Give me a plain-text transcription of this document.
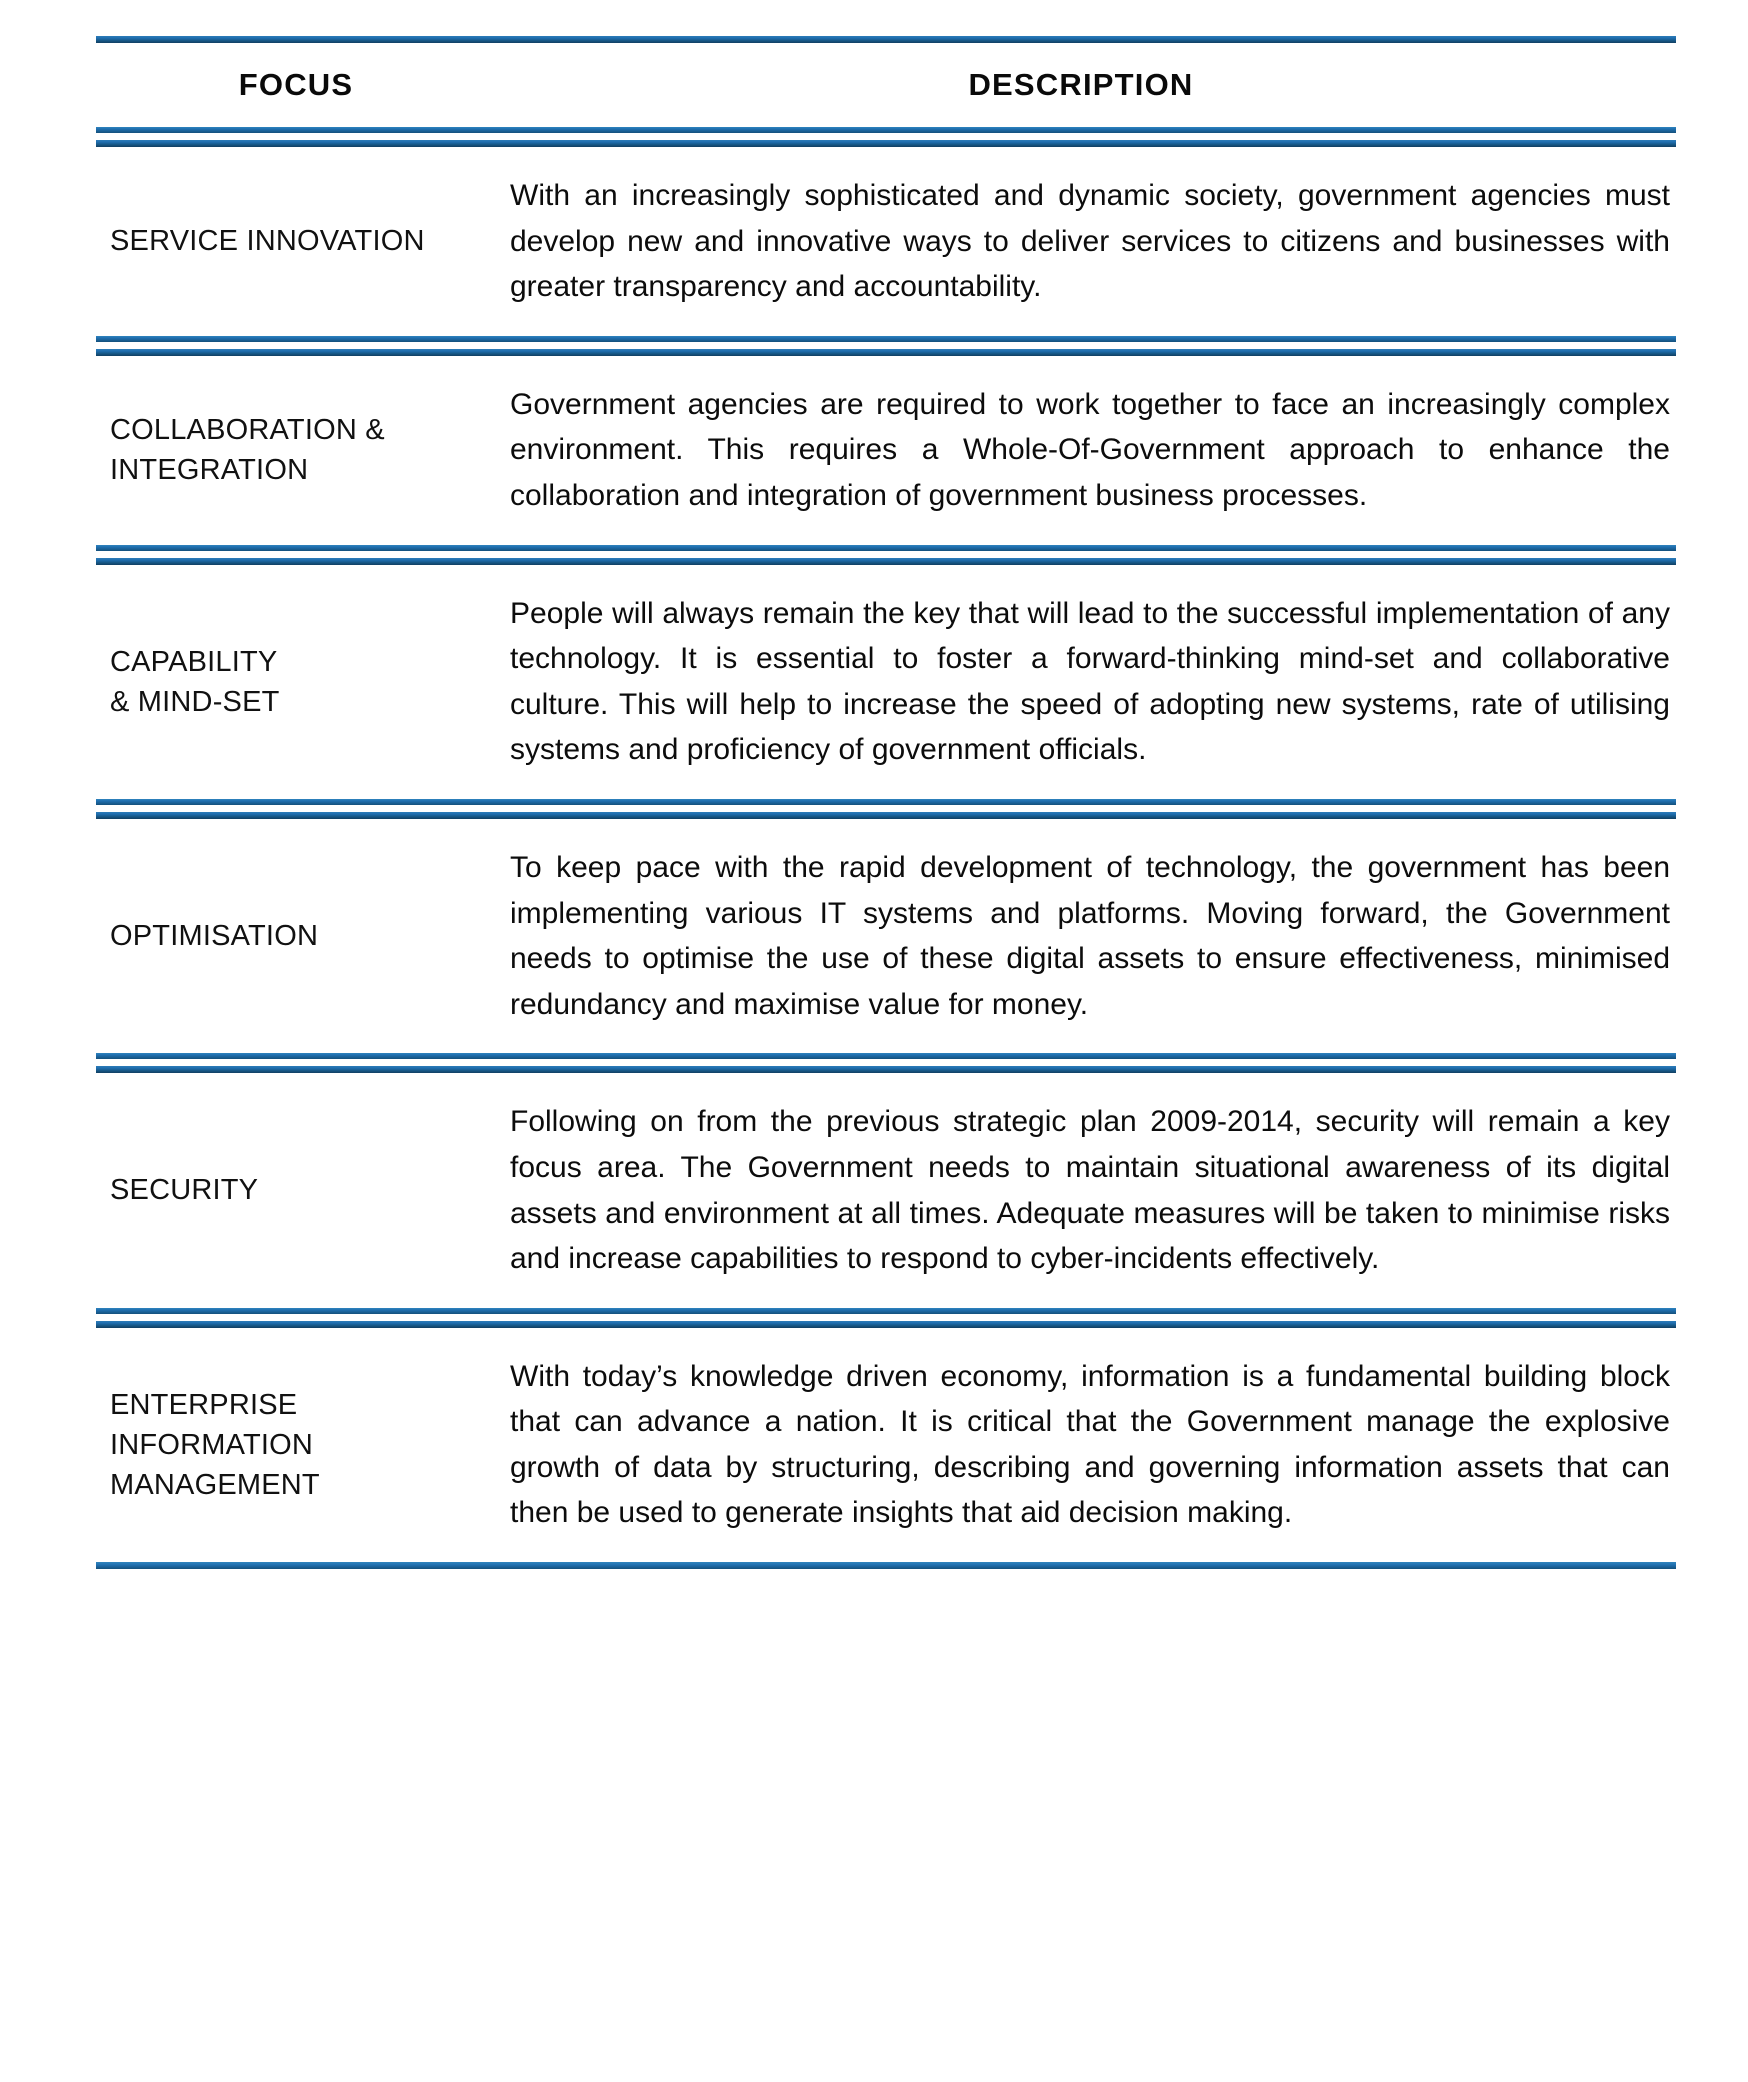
FOCUS	DESCRIPTION
SERVICE INNOVATION

With an increasingly sophisticated and dynamic society, government agencies must develop new and innovative ways to deliver services to citizens and businesses with greater transparency and accountability.

COLLABORATION &
INTEGRATION

Government agencies are required to work together to face an increasingly complex environment. This requires a Whole-Of-Government approach to enhance the collaboration and integration of government business processes.

CAPABILITY
& MIND-SET

People will always remain the key that will lead to the successful implementation of any technology. It is essential to foster a forward-thinking mind-set and collaborative culture. This will help to increase the speed of adopting new systems, rate of utilising systems and proficiency of government officials.

OPTIMISATION

To keep pace with the rapid development of technology, the government has been implementing various IT systems and platforms. Moving forward, the Government needs to optimise the use of these digital assets to ensure effectiveness, minimised redundancy and maximise value for money.

SECURITY

Following on from the previous strategic plan 2009-2014, security will remain a key focus area. The Government needs to maintain situational awareness of its digital assets and environment at all times. Adequate measures will be taken to minimise risks and increase capabilities to respond to cyber-incidents effectively.

ENTERPRISE
INFORMATION
MANAGEMENT

With today’s knowledge driven economy, information is a fundamental building block that can advance a nation. It is critical that the Government manage the explosive growth of data by structuring, describing and governing information assets that can then be used to generate insights that aid decision making.
